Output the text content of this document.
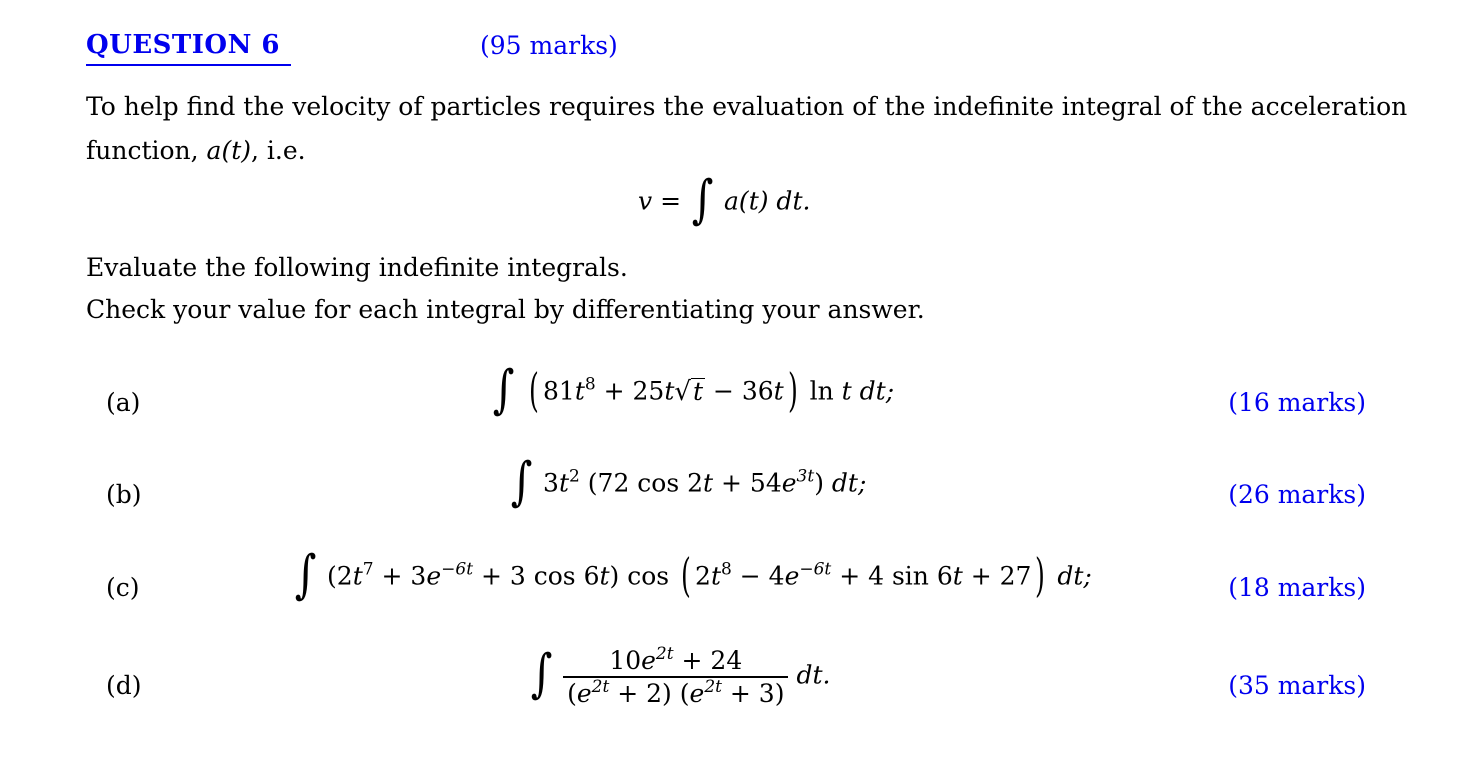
QUESTION 6	(95 marks)
To help find the velocity of particles requires the evaluation of the indefinite integral of the acceleration
function, a(t), i.e.
v = ∫ a(t) dt.
Evaluate the following indefinite integrals.
Check your value for each integral by differentiating your answer.
(a)
(b)
(c)
(d)
(16 marks)
(26 marks)
(18 marks)
(35 marks)
∫ ( $81t^8 + 25t√t - 36t$) ln t dt;
∫ $3t^2$ (72 $\cos 2t + 54e^{3t}$) dt;
∫ ($2t^7 + 3e^{-6t} + 3$ cos 6t) cos ( $2t^8 - 4e^{-6t} + 4$ sin 6t + 27) dt;
∫ $\frac{10e^{2t} + 24}{(e^{2t} + 2) (e^{2t} + 3)}$ dt.
